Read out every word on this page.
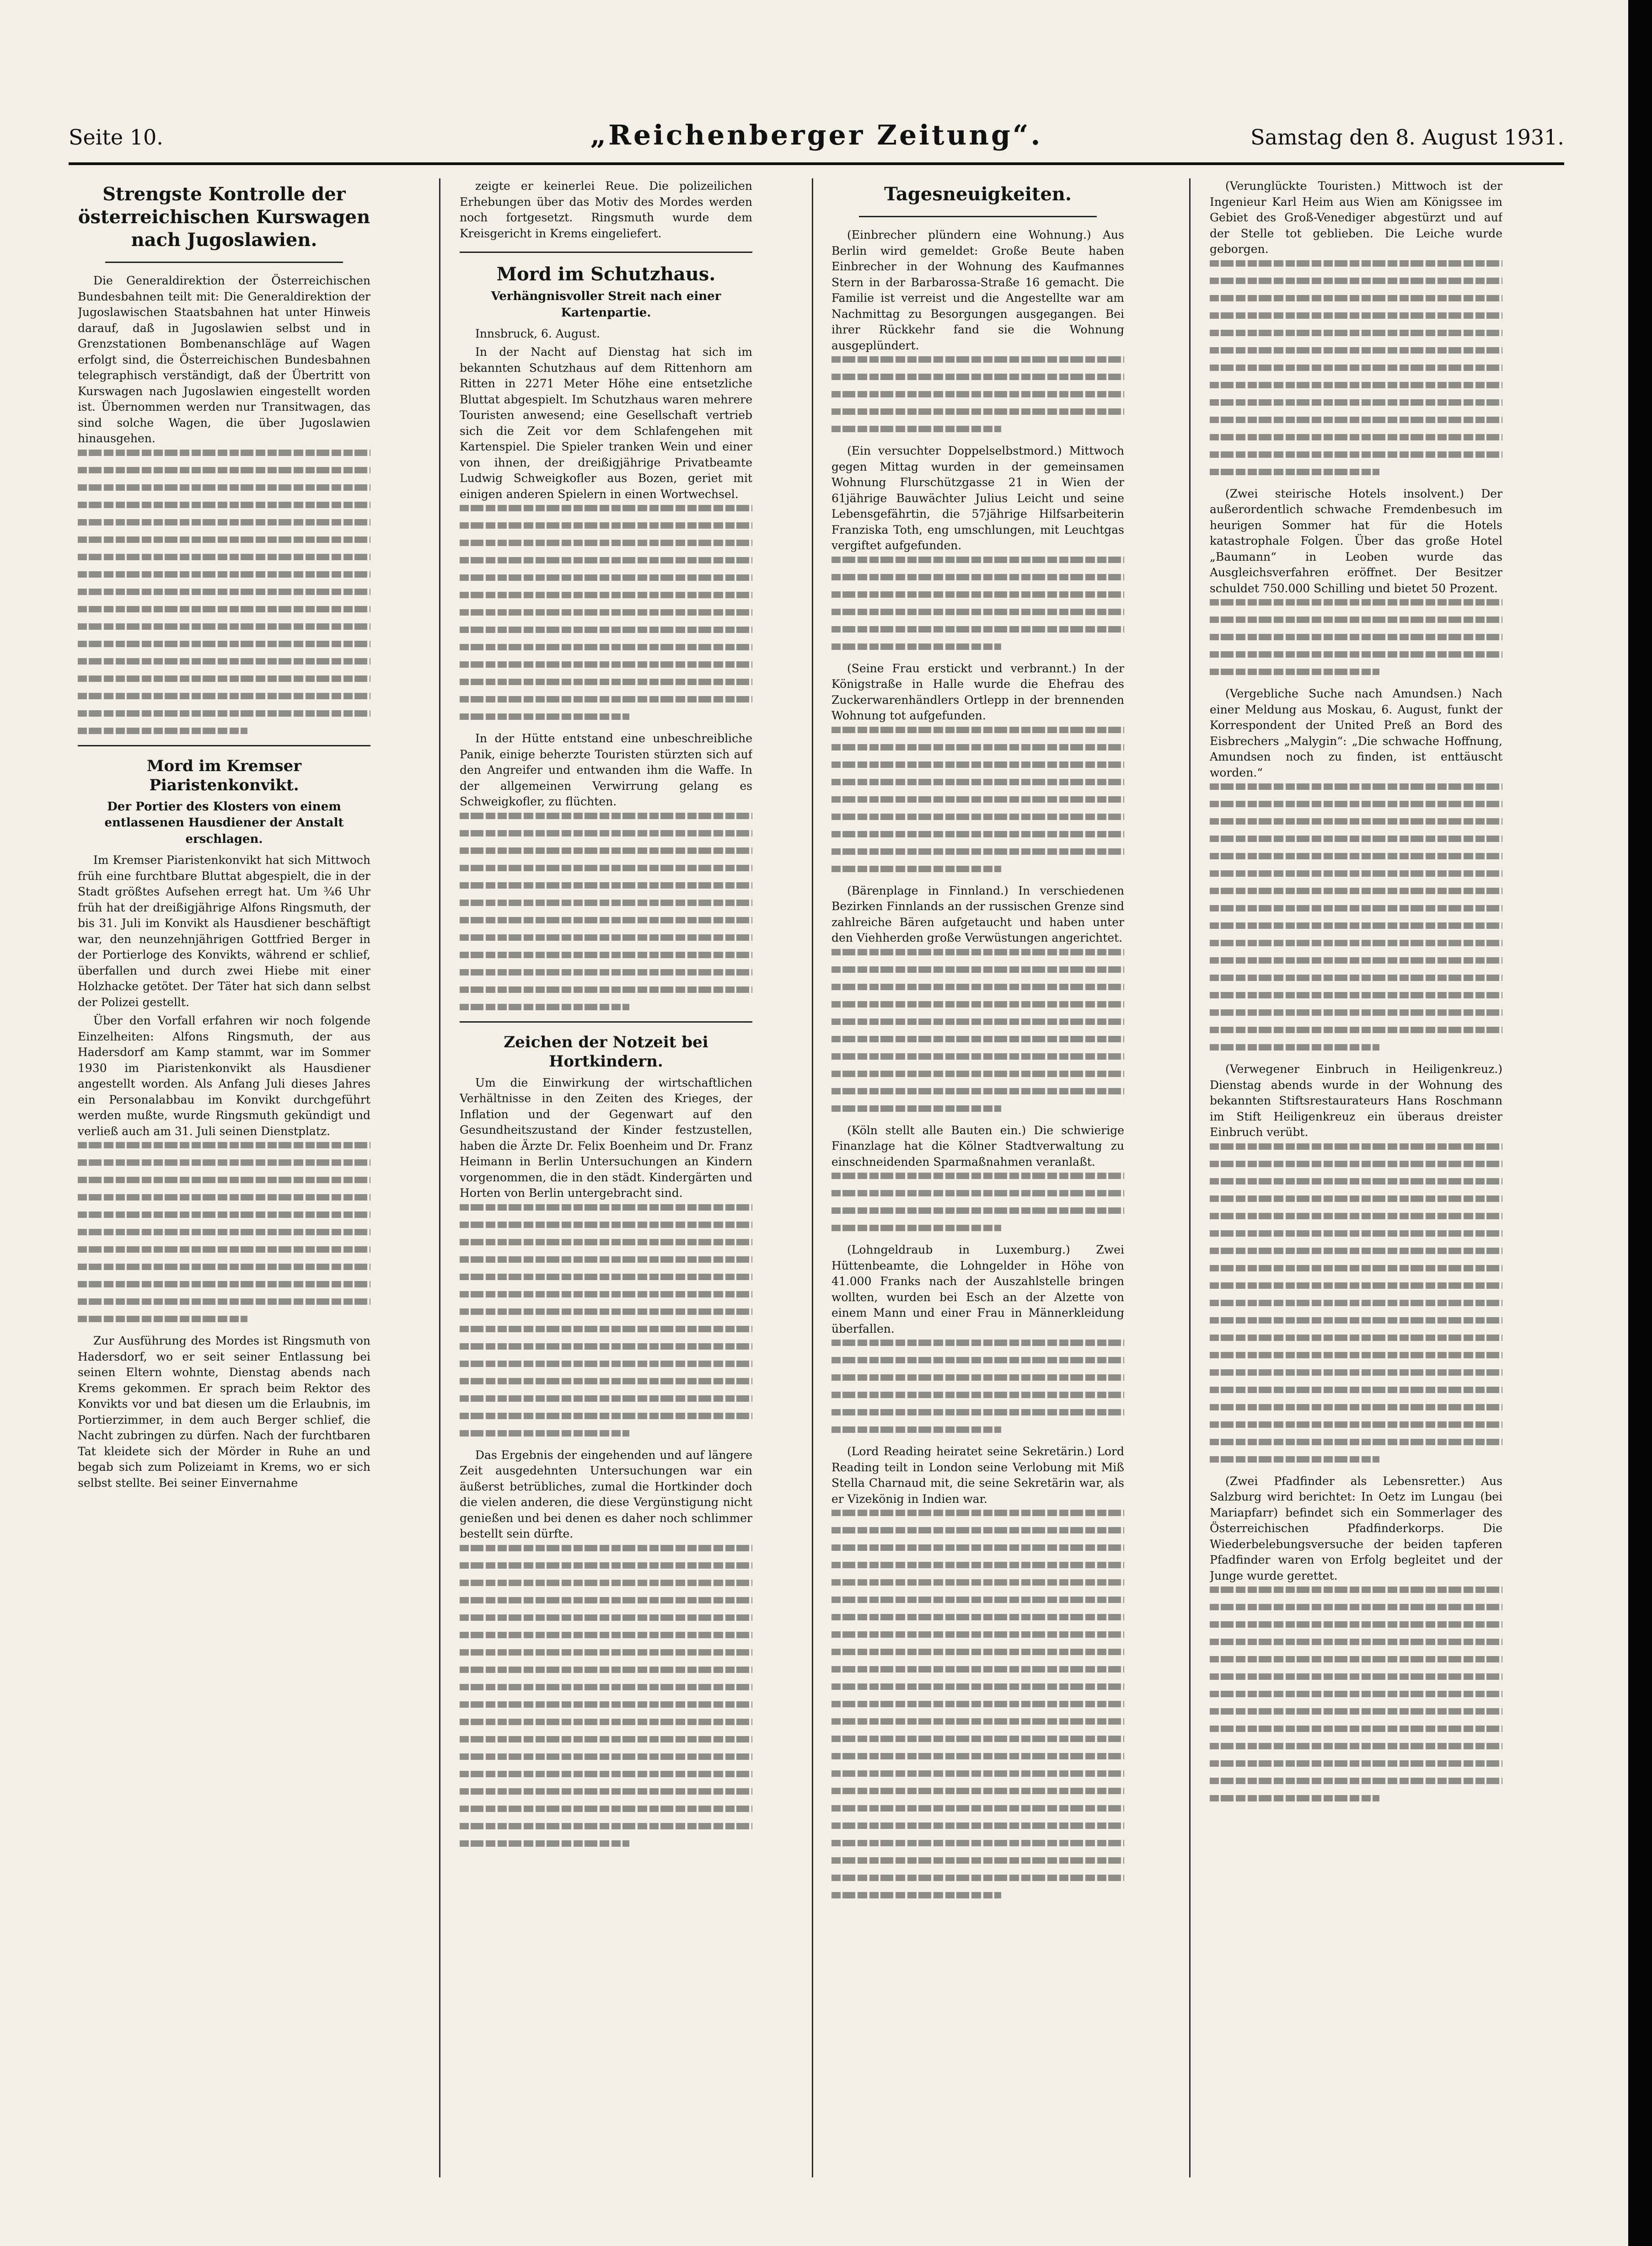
Seite 10.	„Reichenberger Zeitung“.	Samstag den 8. August 1931.
Strengste Kontrolle der österreichischen Kurswagen nach Jugoslawien.

Die Generaldirektion der Österreichischen Bundesbahnen teilt mit: Die Generaldirektion der Jugoslawischen Staatsbahnen hat unter Hinweis darauf, daß in Jugoslawien selbst und in Grenzstationen Bombenanschläge auf Wagen erfolgt sind, die Österreichischen Bundesbahnen telegraphisch verständigt, daß der Übertritt von Kurswagen nach Jugoslawien eingestellt worden ist. Übernommen werden nur Transitwagen, das sind solche Wagen, die über Jugoslawien hinausgehen.

Mord im Kremser Piaristenkonvikt.
Der Portier des Klosters von einem entlassenen Hausdiener der Anstalt erschlagen.

Im Kremser Piaristenkonvikt hat sich Mittwoch früh eine furchtbare Bluttat abgespielt, die in der Stadt größtes Aufsehen erregt hat. Um ¾6 Uhr früh hat der dreißigjährige Alfons Ringsmuth, der bis 31. Juli im Konvikt als Hausdiener beschäftigt war, den neunzehnjährigen Gottfried Berger in der Portierloge des Konvikts, während er schlief, überfallen und durch zwei Hiebe mit einer Holzhacke getötet. Der Täter hat sich dann selbst der Polizei gestellt.

Über den Vorfall erfahren wir noch folgende Einzelheiten: Alfons Ringsmuth, der aus Hadersdorf am Kamp stammt, war im Sommer 1930 im Piaristenkonvikt als Hausdiener angestellt worden. Als Anfang Juli dieses Jahres ein Personalabbau im Konvikt durchgeführt werden mußte, wurde Ringsmuth gekündigt und verließ auch am 31. Juli seinen Dienstplatz.

Zur Ausführung des Mordes ist Ringsmuth von Hadersdorf, wo er seit seiner Entlassung bei seinen Eltern wohnte, Dienstag abends nach Krems gekommen. Er sprach beim Rektor des Konvikts vor und bat diesen um die Erlaubnis, im Portierzimmer, in dem auch Berger schlief, die Nacht zubringen zu dürfen. Nach der furchtbaren Tat kleidete sich der Mörder in Ruhe an und begab sich zum Polizeiamt in Krems, wo er sich selbst stellte. Bei seiner Einvernahme

zeigte er keinerlei Reue. Die polizeilichen Erhebungen über das Motiv des Mordes werden noch fortgesetzt. Ringsmuth wurde dem Kreisgericht in Krems eingeliefert.

Mord im Schutzhaus.
Verhängnisvoller Streit nach einer Kartenpartie.

Innsbruck, 6. August.

In der Nacht auf Dienstag hat sich im bekannten Schutzhaus auf dem Rittenhorn am Ritten in 2271 Meter Höhe eine entsetzliche Bluttat abgespielt. Im Schutzhaus waren mehrere Touristen anwesend; eine Gesellschaft vertrieb sich die Zeit vor dem Schlafengehen mit Kartenspiel. Die Spieler tranken Wein und einer von ihnen, der dreißigjährige Privatbeamte Ludwig Schweigkofler aus Bozen, geriet mit einigen anderen Spielern in einen Wortwechsel.

In der Hütte entstand eine unbeschreibliche Panik, einige beherzte Touristen stürzten sich auf den Angreifer und entwanden ihm die Waffe. In der allgemeinen Verwirrung gelang es Schweigkofler, zu flüchten.

Zeichen der Notzeit bei Hortkindern.

Um die Einwirkung der wirtschaftlichen Verhältnisse in den Zeiten des Krieges, der Inflation und der Gegenwart auf den Gesundheitszustand der Kinder festzustellen, haben die Ärzte Dr. Felix Boenheim und Dr. Franz Heimann in Berlin Untersuchungen an Kindern vorgenommen, die in den städt. Kindergärten und Horten von Berlin untergebracht sind.

Das Ergebnis der eingehenden und auf längere Zeit ausgedehnten Untersuchungen war ein äußerst betrübliches, zumal die Hortkinder doch die vielen anderen, die diese Vergünstigung nicht genießen und bei denen es daher noch schlimmer bestellt sein dürfte.

Tagesneuigkeiten.

(Einbrecher plündern eine Wohnung.) Aus Berlin wird gemeldet: Große Beute haben Einbrecher in der Wohnung des Kaufmannes Stern in der Barbarossa-Straße 16 gemacht. Die Familie ist verreist und die Angestellte war am Nachmittag zu Besorgungen ausgegangen. Bei ihrer Rückkehr fand sie die Wohnung ausgeplündert.

(Ein versuchter Doppelselbstmord.) Mittwoch gegen Mittag wurden in der gemeinsamen Wohnung Flurschützgasse 21 in Wien der 61jährige Bauwächter Julius Leicht und seine Lebensgefährtin, die 57jährige Hilfsarbeiterin Franziska Toth, eng umschlungen, mit Leuchtgas vergiftet aufgefunden.

(Seine Frau erstickt und verbrannt.) In der Königstraße in Halle wurde die Ehefrau des Zuckerwarenhändlers Ortlepp in der brennenden Wohnung tot aufgefunden.

(Bärenplage in Finnland.) In verschiedenen Bezirken Finnlands an der russischen Grenze sind zahlreiche Bären aufgetaucht und haben unter den Viehherden große Verwüstungen angerichtet.

(Köln stellt alle Bauten ein.) Die schwierige Finanzlage hat die Kölner Stadtverwaltung zu einschneidenden Sparmaßnahmen veranlaßt.

(Lohngeldraub in Luxemburg.) Zwei Hüttenbeamte, die Lohngelder in Höhe von 41.000 Franks nach der Auszahlstelle bringen wollten, wurden bei Esch an der Alzette von einem Mann und einer Frau in Männerkleidung überfallen.

(Lord Reading heiratet seine Sekretärin.) Lord Reading teilt in London seine Verlobung mit Miß Stella Charnaud mit, die seine Sekretärin war, als er Vizekönig in Indien war.

(Verunglückte Touristen.) Mittwoch ist der Ingenieur Karl Heim aus Wien am Königssee im Gebiet des Groß-Venediger abgestürzt und auf der Stelle tot geblieben. Die Leiche wurde geborgen.

(Zwei steirische Hotels insolvent.) Der außerordentlich schwache Fremdenbesuch im heurigen Sommer hat für die Hotels katastrophale Folgen. Über das große Hotel „Baumann“ in Leoben wurde das Ausgleichsverfahren eröffnet. Der Besitzer schuldet 750.000 Schilling und bietet 50 Prozent.

(Vergebliche Suche nach Amundsen.) Nach einer Meldung aus Moskau, 6. August, funkt der Korrespondent der United Preß an Bord des Eisbrechers „Malygin“: „Die schwache Hoffnung, Amundsen noch zu finden, ist enttäuscht worden.“

(Verwegener Einbruch in Heiligenkreuz.) Dienstag abends wurde in der Wohnung des bekannten Stiftsrestaurateurs Hans Roschmann im Stift Heiligenkreuz ein überaus dreister Einbruch verübt.

(Zwei Pfadfinder als Lebensretter.) Aus Salzburg wird berichtet: In Oetz im Lungau (bei Mariapfarr) befindet sich ein Sommerlager des Österreichischen Pfadfinderkorps. Die Wiederbelebungsversuche der beiden tapferen Pfadfinder waren von Erfolg begleitet und der Junge wurde gerettet.
